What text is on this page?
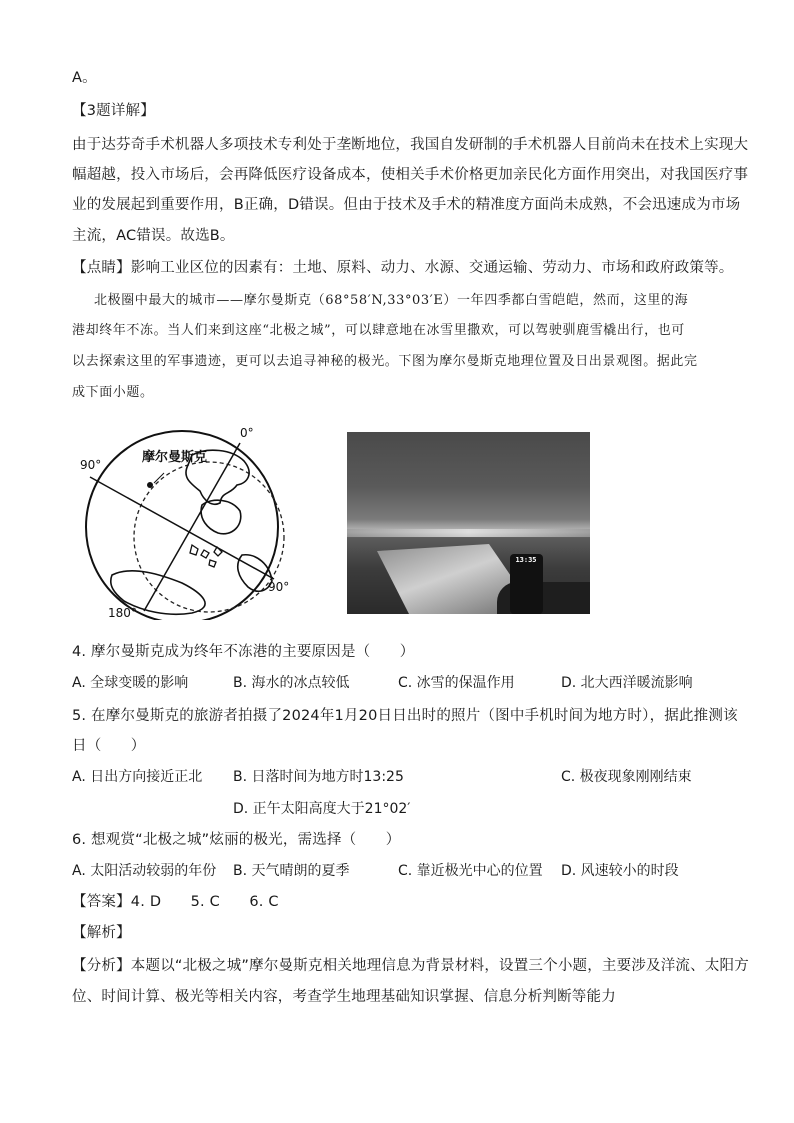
A。
【3题详解】
由于达芬奇手术机器人多项技术专利处于垄断地位，我国自发研制的手术机器人目前尚未在技术上实现大
幅超越，投入市场后，会再降低医疗设备成本，使相关手术价格更加亲民化方面作用突出，对我国医疗事
业的发展起到重要作用，B正确，D错误。但由于技术及手术的精准度方面尚未成熟，不会迅速成为市场
主流，AC错误。故选B。
【点睛】影响工业区位的因素有：土地、原料、动力、水源、交通运输、劳动力、市场和政府政策等。
北极圈中最大的城市——摩尔曼斯克（68°58′N,33°03′E）一年四季都白雪皑皑，然而，这里的海
港却终年不冻。当人们来到这座“北极之城”，可以肆意地在冰雪里撒欢，可以驾驶驯鹿雪橇出行，也可
以去探索这里的军事遗迹，更可以去追寻神秘的极光。下图为摩尔曼斯克地理位置及日出景观图。据此完
成下面小题。
摩尔曼斯克
0°
90°
90°
180°
13:35
4. 摩尔曼斯克成为终年不冻港的主要原因是（　　）
A. 全球变暖的影响	B. 海水的冰点较低	C. 冰雪的保温作用	D. 北大西洋暖流影响
5. 在摩尔曼斯克的旅游者拍摄了2024年1月20日日出时的照片（图中手机时间为地方时），据此推测该
日（　　）
A. 日出方向接近正北 B. 日落时间为地方时13:25	C. 极夜现象刚刚结束
D. 正午太阳高度大于21°02′
6. 想观赏“北极之城”炫丽的极光，需选择（　　）
A. 太阳活动较弱的年份 B. 天气晴朗的夏季	C. 靠近极光中心的位置 D. 风速较小的时段
【答案】4. D　　5. C　　6. C
【解析】
【分析】本题以“北极之城”摩尔曼斯克相关地理信息为背景材料，设置三个小题，主要涉及洋流、太阳方
位、时间计算、极光等相关内容，考查学生地理基础知识掌握、信息分析判断等能力
